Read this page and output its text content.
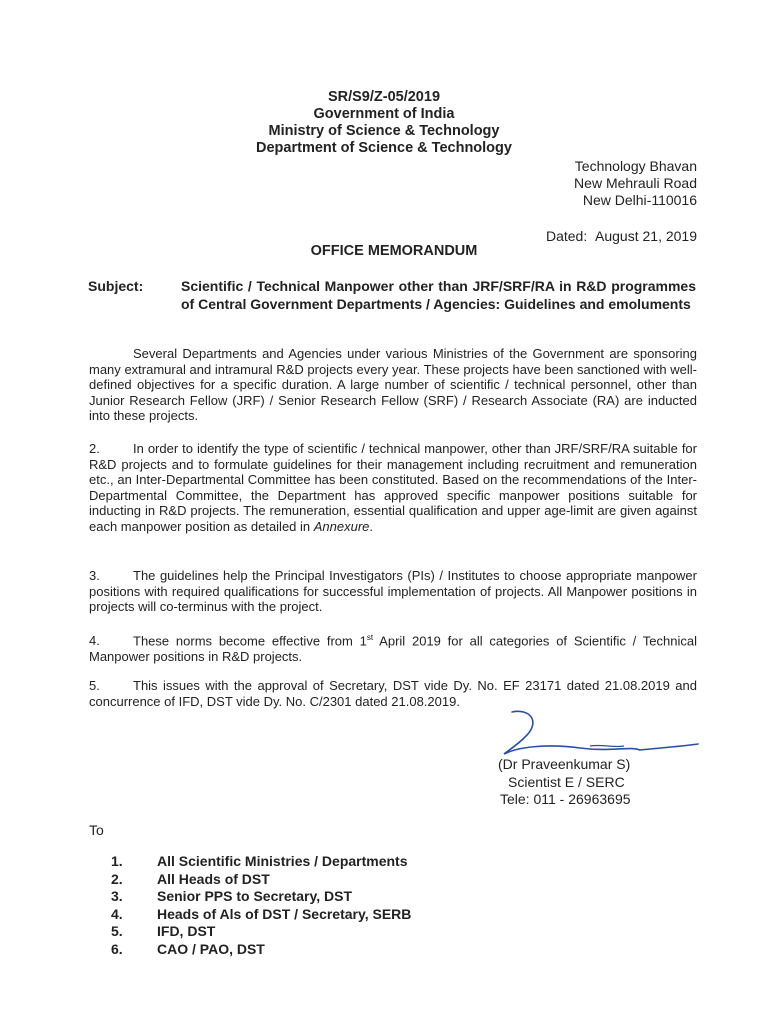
SR/S9/Z-05/2019
Government of India
Ministry of Science & Technology
Department of Science & Technology
Technology Bhavan
New Mehrauli Road
New Delhi-110016
Dated: August 21, 2019
OFFICE MEMORANDUM
Subject:	Scientific / Technical Manpower other than JRF/SRF/RA in R&D programmes of Central Government Departments / Agencies: Guidelines and emoluments
Several Departments and Agencies under various Ministries of the Government are sponsoring many extramural and intramural R&D projects every year. These projects have been sanctioned with well-defined objectives for a specific duration. A large number of scientific / technical personnel, other than Junior Research Fellow (JRF) / Senior Research Fellow (SRF) / Research Associate (RA) are inducted into these projects.
2.	In order to identify the type of scientific / technical manpower, other than JRF/SRF/RA suitable for R&D projects and to formulate guidelines for their management including recruitment and remuneration etc., an Inter-Departmental Committee has been constituted. Based on the recommendations of the Inter-Departmental Committee, the Department has approved specific manpower positions suitable for inducting in R&D projects. The remuneration, essential qualification and upper age-limit are given against each manpower position as detailed in Annexure.
3.	The guidelines help the Principal Investigators (PIs) / Institutes to choose appropriate manpower positions with required qualifications for successful implementation of projects. All Manpower positions in projects will co-terminus with the project.
4.	These norms become effective from 1st April 2019 for all categories of Scientific / Technical Manpower positions in R&D projects.
5.	This issues with the approval of Secretary, DST vide Dy. No. EF 23171 dated 21.08.2019 and concurrence of IFD, DST vide Dy. No. C/2301 dated 21.08.2019.
(Dr Praveenkumar S)
Scientist E / SERC
Tele: 011 - 26963695
To
1.	All Scientific Ministries / Departments
2.	All Heads of DST
3.	Senior PPS to Secretary, DST
4.	Heads of Als of DST / Secretary, SERB
5.	IFD, DST
6.	CAO / PAO, DST
